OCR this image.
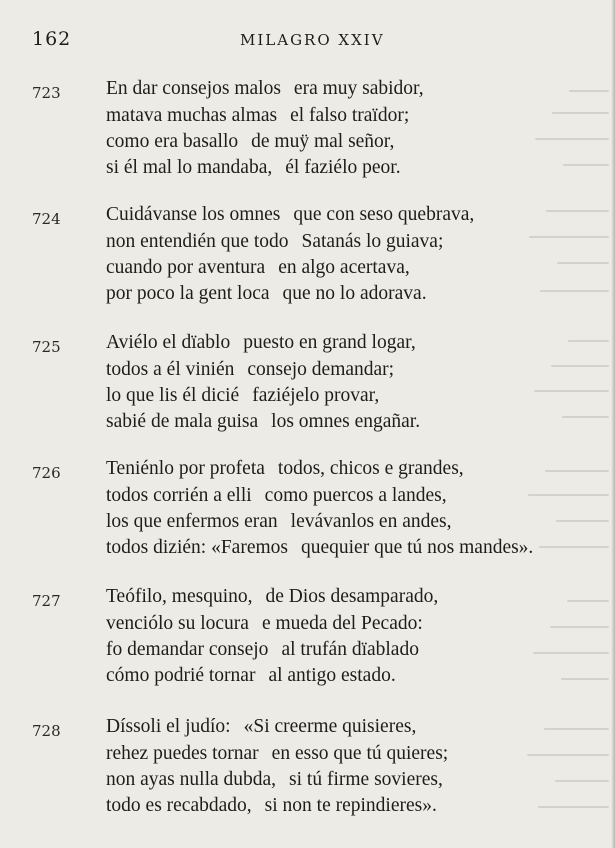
162	MILAGRO XXIV
723 En dar consejos malos era muy sabidor,
matava muchas almas el falso traïdor;
como era basallo de muÿ mal señor,
si él mal lo mandaba, él faziélo peor.
724 Cuidávanse los omnes que con seso quebrava,
non entendién que todo Satanás lo guiava;
cuando por aventura en algo acertava,
por poco la gent loca que no lo adorava.
725 Aviélo el dïablo puesto en grand logar,
todos a él vinién consejo demandar;
lo que lis él dicié faziéjelo provar,
sabié de mala guisa los omnes engañar.
726 Teniénlo por profeta todos, chicos e grandes,
todos corrién a elli como puercos a landes,
los que enfermos eran levávanlos en andes,
todos dizién: «Faremos quequier que tú nos mandes».
727 Teófilo, mesquino, de Dios desamparado,
venciólo su locura e mueda del Pecado:
fo demandar consejo al trufán dïablado
cómo podrié tornar al antigo estado.
728 Díssoli el judío: «Si creerme quisieres,
rehez puedes tornar en esso que tú quieres;
non ayas nulla dubda, si tú firme sovieres,
todo es recabdado, si non te repindieres».
